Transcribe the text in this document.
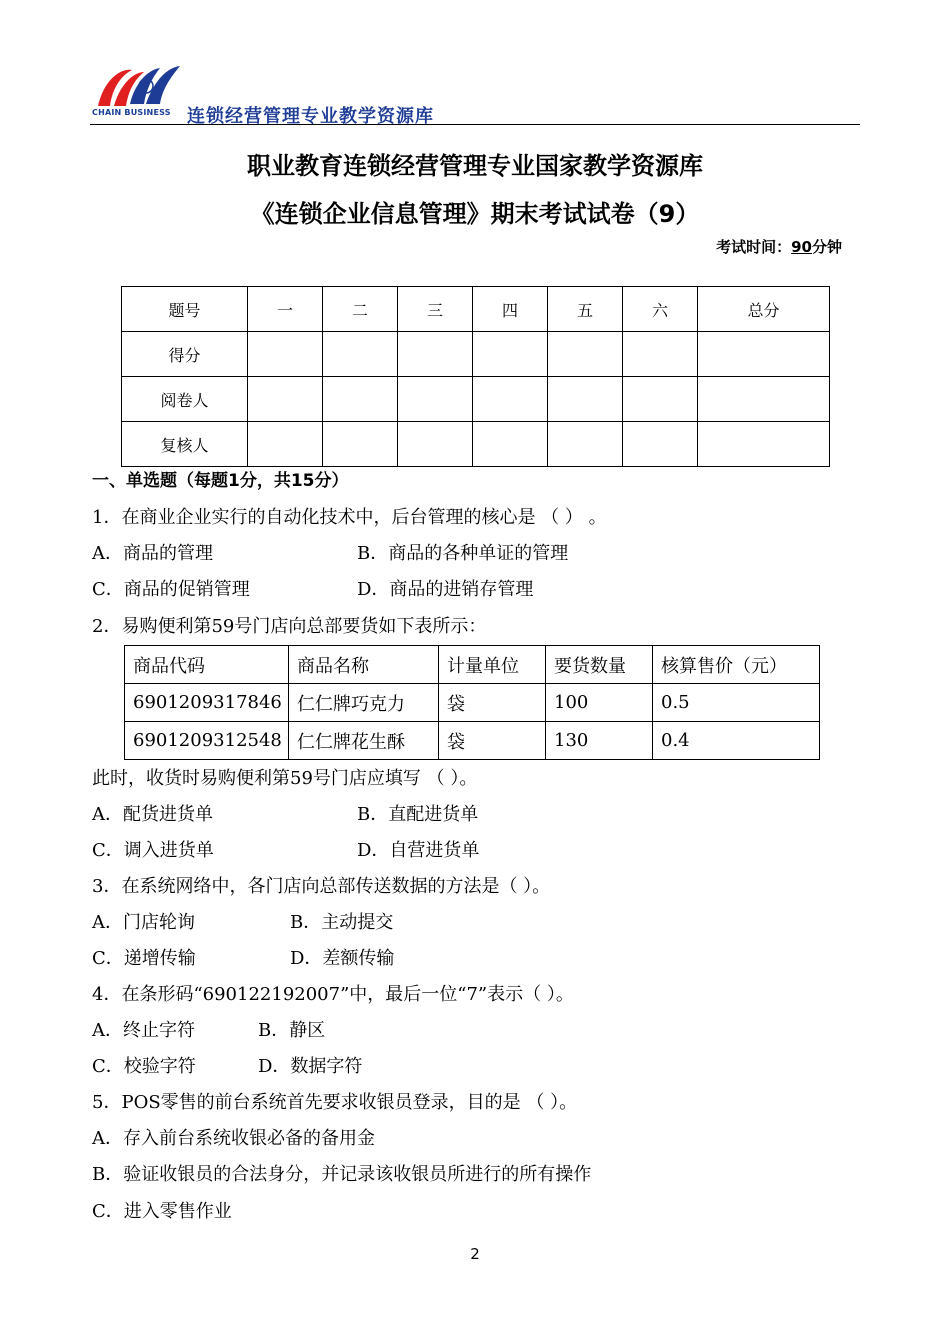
CHAIN BUSINESS 连锁经营管理专业教学资源库
职业教育连锁经营管理专业国家教学资源库
《连锁企业信息管理》期末考试试卷（9）
考试时间：90分钟
题号	一	二	三	四	五	六	总分
得分							
阅卷人							
复核人							
一、单选题（每题1分，共15分）
1．在商业企业实行的自动化技术中，后台管理的核心是 （ ） 。
A．商品的管理	B．商品的各种单证的管理
C．商品的促销管理	D．商品的进销存管理
2．易购便利第59号门店向总部要货如下表所示：
商品代码	商品名称	计量单位	要货数量	核算售价（元）
6901209317846	仁仁牌巧克力	袋	100	0.5
6901209312548	仁仁牌花生酥	袋	130	0.4
此时，收货时易购便利第59号门店应填写 （ ）。
A．配货进货单	B．直配进货单
C．调入进货单	D．自营进货单
3．在系统网络中，各门店向总部传送数据的方法是（ ）。
A．门店轮询	B．主动提交
C．递增传输	D．差额传输
4．在条形码“690122192007”中，最后一位“7”表示（ ）。
A．终止字符	B．静区
C．校验字符	D．数据字符
5．POS零售的前台系统首先要求收银员登录，目的是 （ ）。
A．存入前台系统收银必备的备用金
B．验证收银员的合法身分，并记录该收银员所进行的所有操作
C．进入零售作业
2
